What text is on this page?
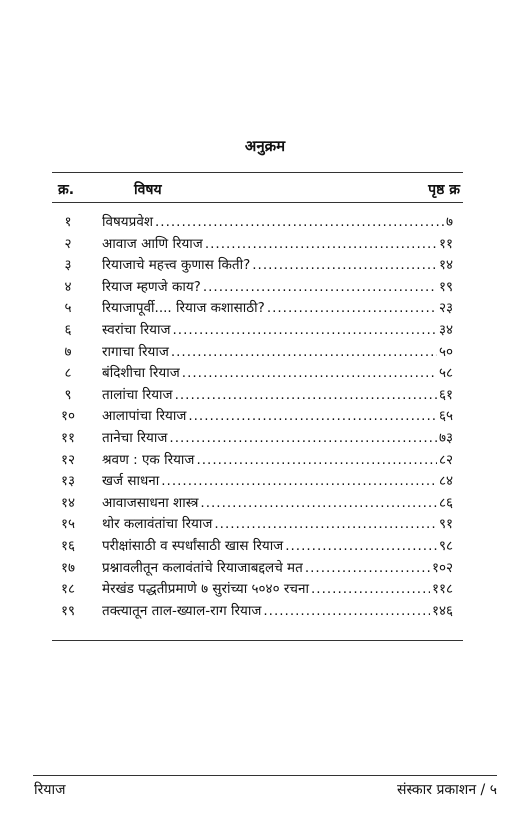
अनुक्रम
क्र.	विषय	पृष्ठ क्र
१	विषयप्रवेश .....	७
२	आवाज आणि रियाज .....	११
३	रियाजाचे महत्त्व कुणास किती? .....	१४
४	रियाज म्हणजे काय? .....	१९
५	रियाजापूर्वी.... रियाज कशासाठी? .....	२३
६	स्वरांचा रियाज .....	३४
७	रागाचा रियाज .....	५०
८	बंदिशीचा रियाज .....	५८
९	तालांचा रियाज .....	६१
१०	आलापांचा रियाज .....	६५
११	तानेचा रियाज .....	७३
१२	श्रवण : एक रियाज .....	८२
१३	खर्ज साधना .....	८४
१४	आवाजसाधना शास्त्र .....	८६
१५	थोर कलावंतांचा रियाज .....	९१
१६	परीक्षांसाठी व स्पर्धांसाठी खास रियाज .....	९८
१७	प्रश्नावलीतून कलावंतांचे रियाजाबद्दलचे मत .....	१०२
१८	मेरखंड पद्धतीप्रमाणे ७ सुरांच्या ५०४० रचना .....	११८
१९	तक्त्यातून ताल-ख्याल-राग रियाज .....	१४६
रियाज	संस्कार प्रकाशन / ५
